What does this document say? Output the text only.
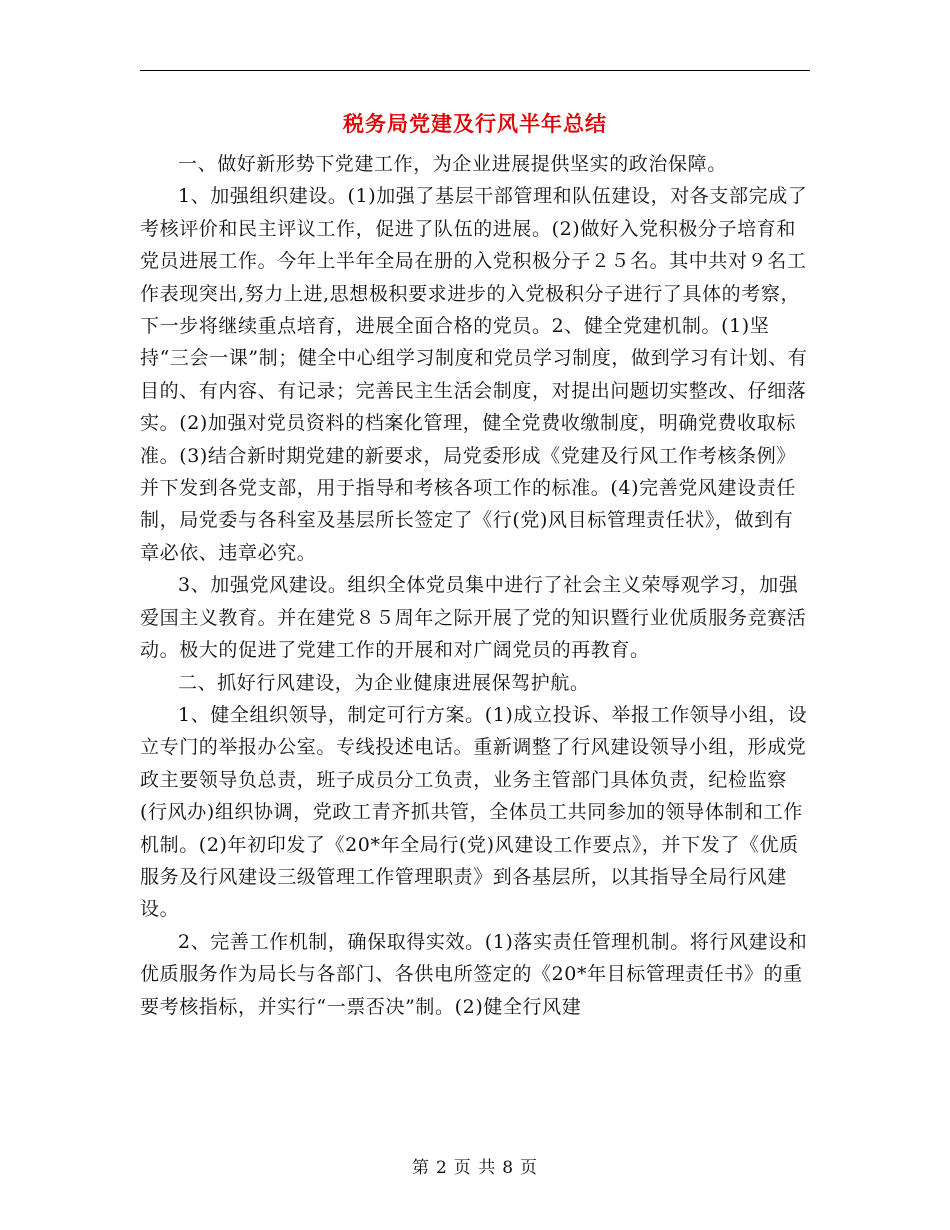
税务局党建及行风半年总结

一、做好新形势下党建工作，为企业进展提供坚实的政治保障。

1、加强组织建设。(1)加强了基层干部管理和队伍建设，对各支部完成了考核评价和民主评议工作，促进了队伍的进展。(2)做好入党积极分子培育和党员进展工作。今年上半年全局在册的入党积极分子２５名。其中共对９名工作表现突出,努力上进,思想极积要求进步的入党极积分子进行了具体的考察，下一步将继续重点培育，进展全面合格的党员。2、健全党建机制。(1)坚持“三会一课”制；健全中心组学习制度和党员学习制度，做到学习有计划、有目的、有内容、有记录；完善民主生活会制度，对提出问题切实整改、仔细落实。(2)加强对党员资料的档案化管理，健全党费收缴制度，明确党费收取标准。(3)结合新时期党建的新要求，局党委形成《党建及行风工作考核条例》并下发到各党支部，用于指导和考核各项工作的标准。(4)完善党风建设责任制，局党委与各科室及基层所长签定了《行(党)风目标管理责任状》，做到有章必依、违章必究。

3、加强党风建设。组织全体党员集中进行了社会主义荣辱观学习，加强爱国主义教育。并在建党８５周年之际开展了党的知识暨行业优质服务竞赛活动。极大的促进了党建工作的开展和对广阔党员的再教育。

二、抓好行风建设，为企业健康进展保驾护航。

1、健全组织领导，制定可行方案。(1)成立投诉、举报工作领导小组，设立专门的举报办公室。专线投述电话。重新调整了行风建设领导小组，形成党政主要领导负总责，班子成员分工负责，业务主管部门具体负责，纪检监察(行风办)组织协调，党政工青齐抓共管，全体员工共同参加的领导体制和工作机制。(2)年初印发了《20*年全局行(党)风建设工作要点》，并下发了《优质服务及行风建设三级管理工作管理职责》到各基层所，以其指导全局行风建设。

2、完善工作机制，确保取得实效。(1)落实责任管理机制。将行风建设和优质服务作为局长与各部门、各供电所签定的《20*年目标管理责任书》的重要考核指标，并实行“一票否决”制。(2)健全行风建

第 2 页 共 8 页
